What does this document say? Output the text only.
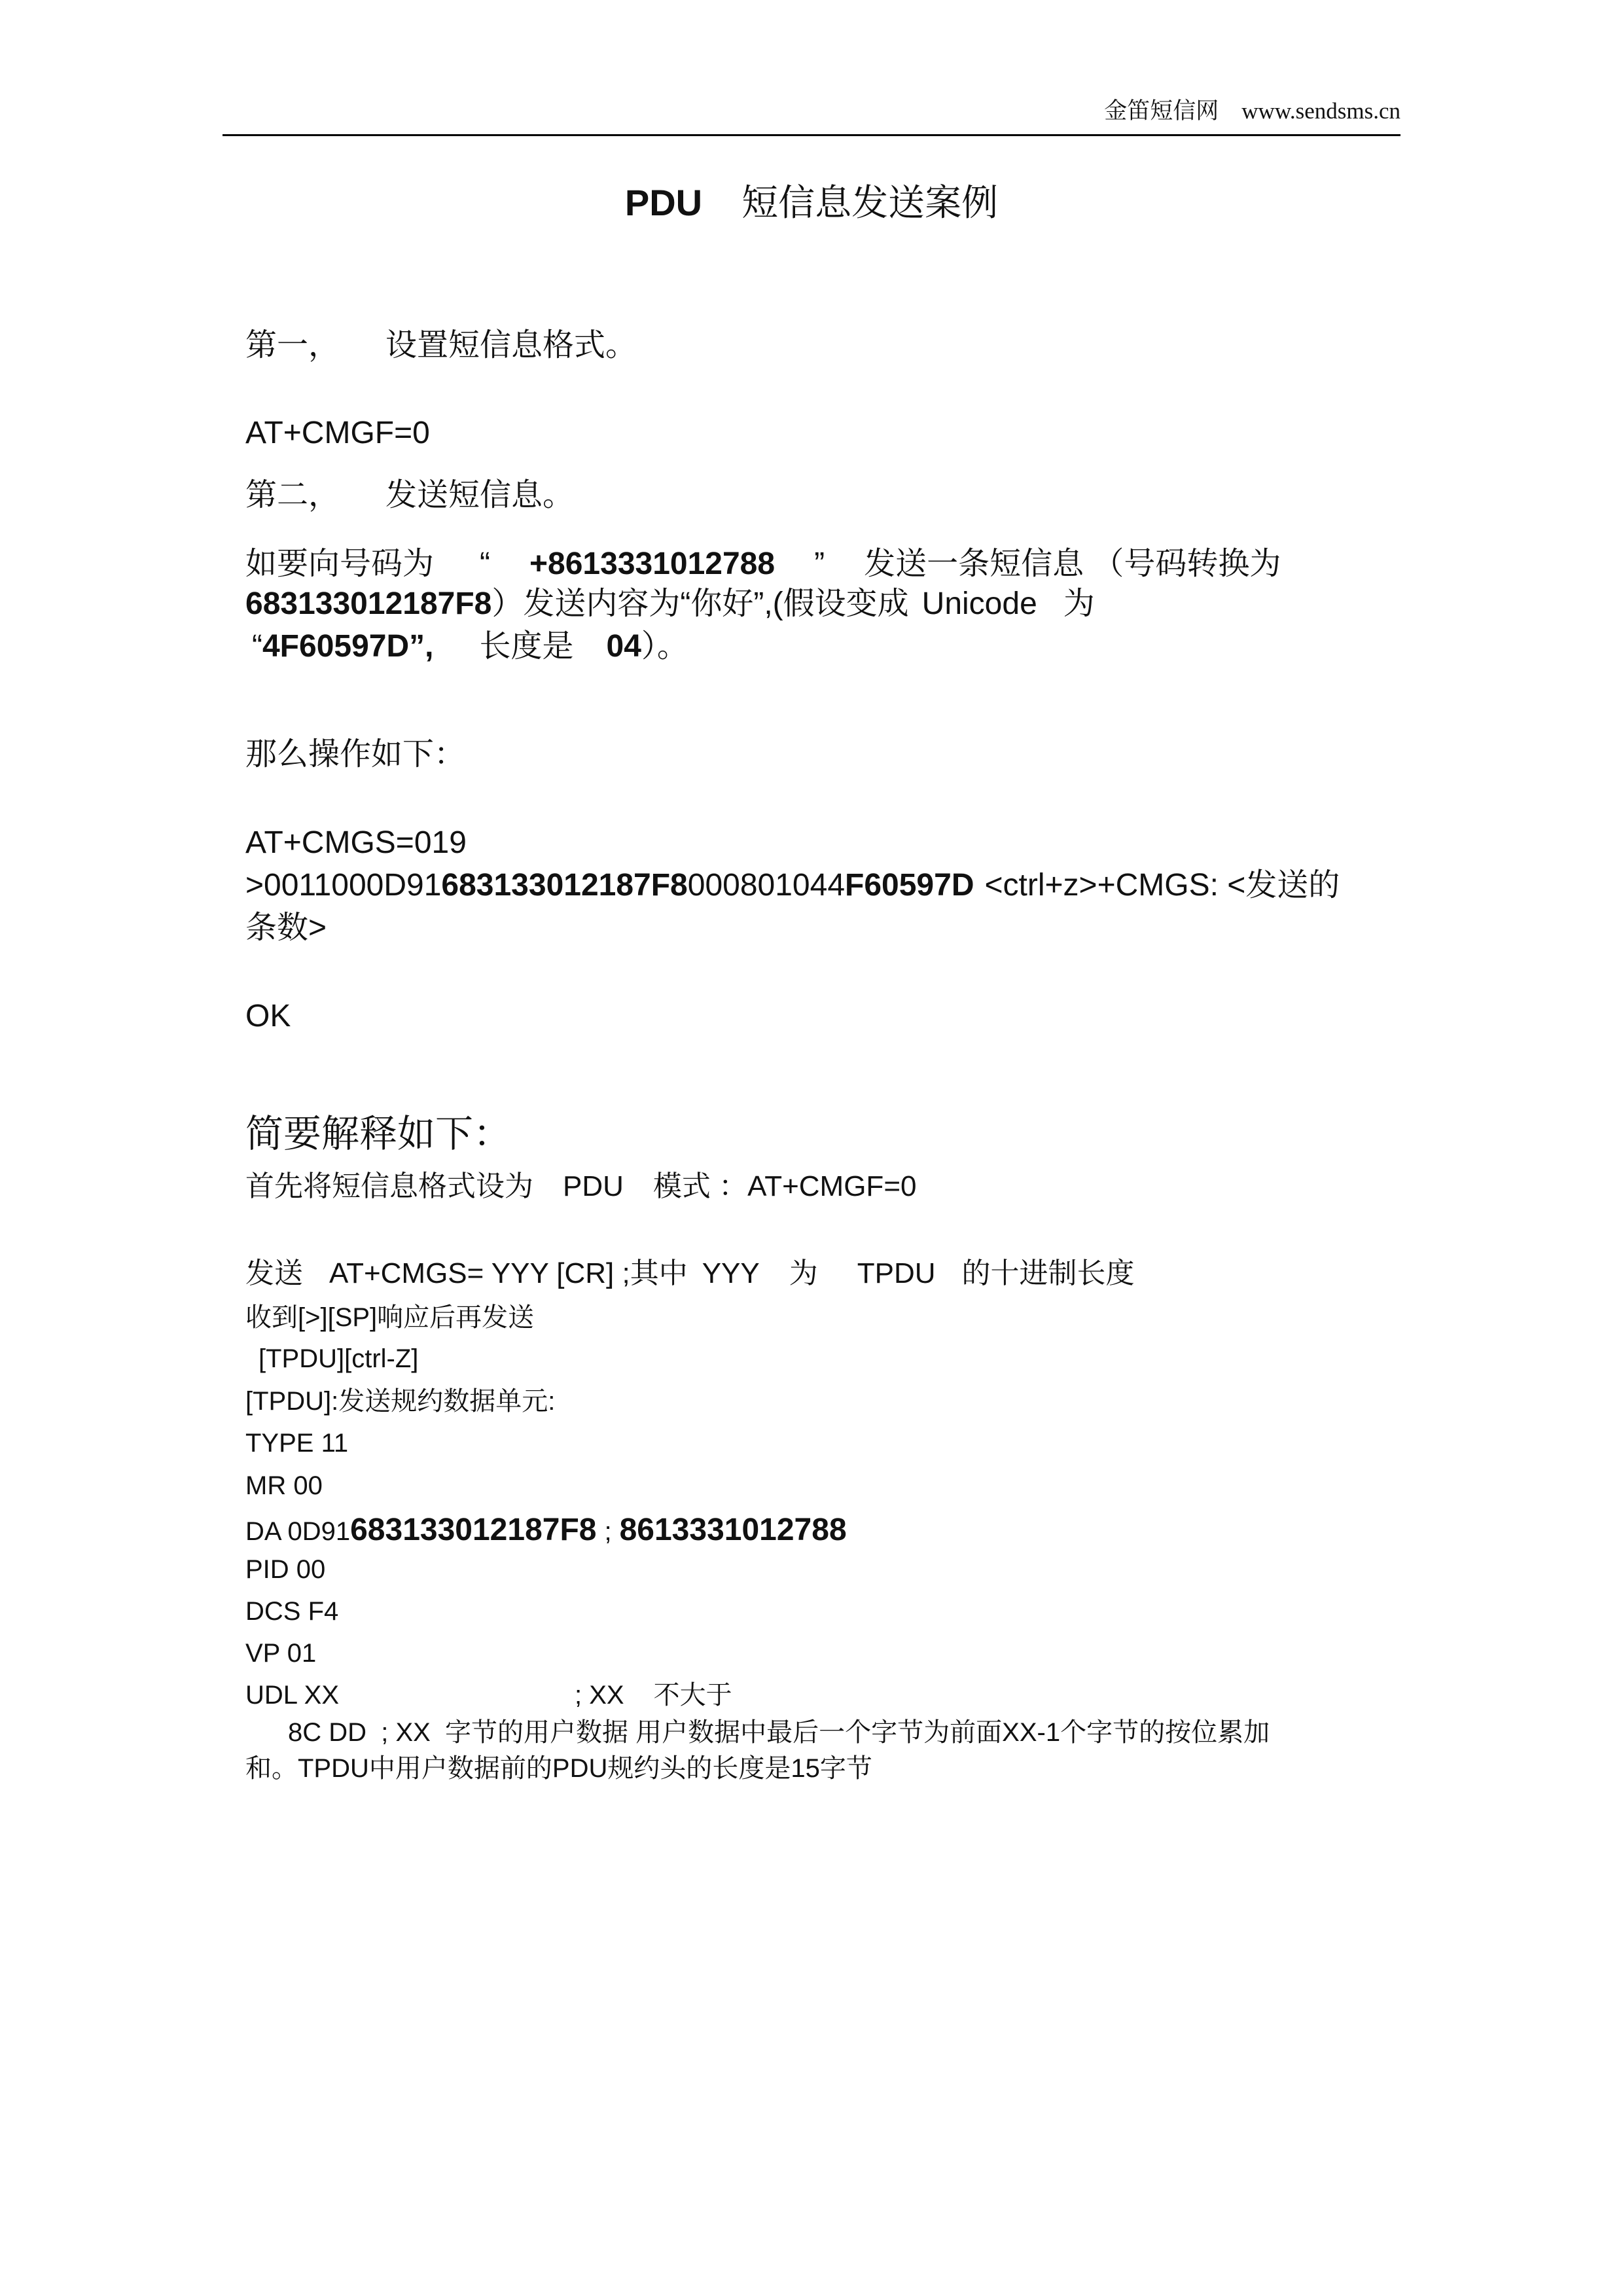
金笛短信网 www.sendsms.cn
PDU 短信息发送案例
第一， 设置短信息格式。
AT+CMGF=0
第二， 发送短信息。
如要向号码为 “ +8613331012788 ” 发送一条短信息 （号码转换为
683133012187F8）发送内容为“你好”,(假设变成 Unicode 为
“4F60597D”, 长度是 04）。
那么操作如下：
AT+CMGS=019
>0011000D91683133012187F8000801044F60597D <ctrl+z>+CMGS: <发送的
条数>
OK
简要解释如下：
首先将短信息格式设为 PDU 模式 ：AT+CMGF=0
发送 AT+CMGS= YYY [CR] ;其中 YYY 为 TPDU 的十进制长度
收到[>][SP]响应后再发送
[TPDU][ctrl-Z]
[TPDU]:发送规约数据单元:
TYPE 11
MR 00
DA 0D91683133012187F8 ; 8613331012788
PID 00
DCS F4
VP 01
UDL XX	; XX 不大于
8C DD  ; XX  字节的用户数据 用户数据中最后一个字节为前面XX-1个字节的按位累加
和。TPDU中用户数据前的PDU规约头的长度是15字节
